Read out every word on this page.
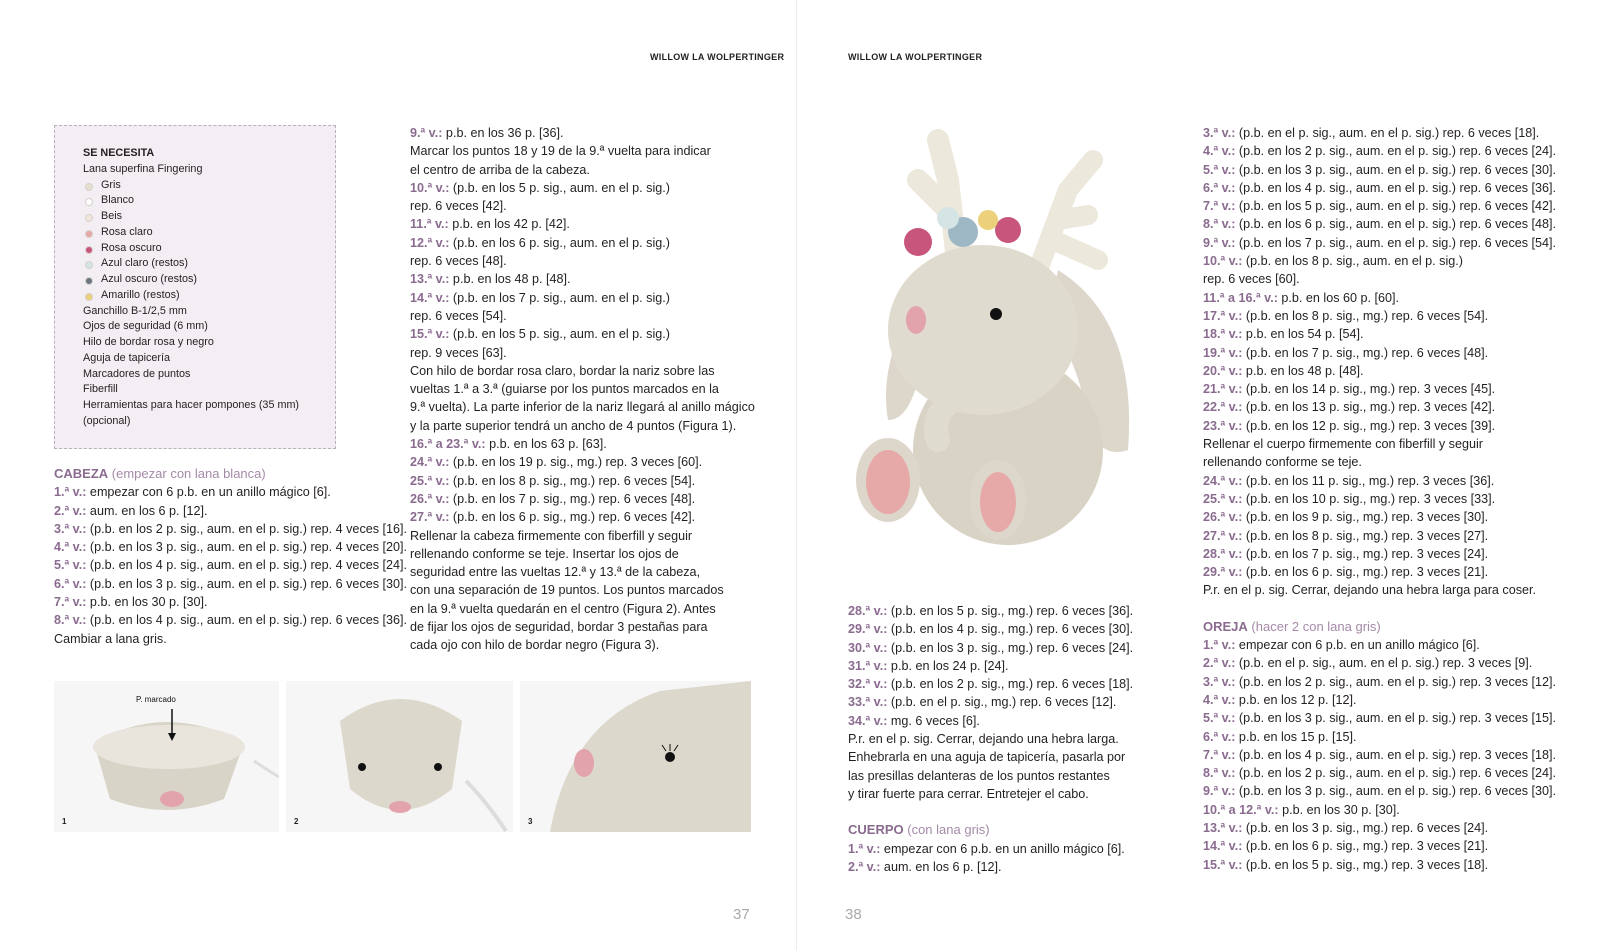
WILLOW LA WOLPERTINGER	WILLOW LA WOLPERTINGER
SE NECESITA
Lana superfina Fingering
Gris
Blanco
Beis
Rosa claro
Rosa oscuro
Azul claro (restos)
Azul oscuro (restos)
Amarillo (restos)
Ganchillo B-1/2,5 mm
Ojos de seguridad (6 mm)
Hilo de bordar rosa y negro
Aguja de tapicería
Marcadores de puntos
Fiberfill
Herramientas para hacer pompones (35 mm)
(opcional)
CABEZA (empezar con lana blanca)
1.ª v.: empezar con 6 p.b. en un anillo mágico [6].
2.ª v.: aum. en los 6 p. [12].
3.ª v.: (p.b. en los 2 p. sig., aum. en el p. sig.) rep. 4 veces [16].
4.ª v.: (p.b. en los 3 p. sig., aum. en el p. sig.) rep. 4 veces [20].
5.ª v.: (p.b. en los 4 p. sig., aum. en el p. sig.) rep. 4 veces [24].
6.ª v.: (p.b. en los 3 p. sig., aum. en el p. sig.) rep. 6 veces [30].
7.ª v.: p.b. en los 30 p. [30].
8.ª v.: (p.b. en los 4 p. sig., aum. en el p. sig.) rep. 6 veces [36].
Cambiar a lana gris.
9.ª v.: p.b. en los 36 p. [36].
Marcar los puntos 18 y 19 de la 9.ª vuelta para indicar
el centro de arriba de la cabeza.
10.ª v.: (p.b. en los 5 p. sig., aum. en el p. sig.)
rep. 6 veces [42].
11.ª v.: p.b. en los 42 p. [42].
12.ª v.: (p.b. en los 6 p. sig., aum. en el p. sig.)
rep. 6 veces [48].
13.ª v.: p.b. en los 48 p. [48].
14.ª v.: (p.b. en los 7 p. sig., aum. en el p. sig.)
rep. 6 veces [54].
15.ª v.: (p.b. en los 5 p. sig., aum. en el p. sig.)
rep. 9 veces [63].
Con hilo de bordar rosa claro, bordar la nariz sobre las
vueltas 1.ª a 3.ª (guiarse por los puntos marcados en la
9.ª vuelta). La parte inferior de la nariz llegará al anillo mágico
y la parte superior tendrá un ancho de 4 puntos (Figura 1).
16.ª a 23.ª v.: p.b. en los 63 p. [63].
24.ª v.: (p.b. en los 19 p. sig., mg.) rep. 3 veces [60].
25.ª v.: (p.b. en los 8 p. sig., mg.) rep. 6 veces [54].
26.ª v.: (p.b. en los 7 p. sig., mg.) rep. 6 veces [48].
27.ª v.: (p.b. en los 6 p. sig., mg.) rep. 6 veces [42].
Rellenar la cabeza firmemente con fiberfill y seguir
rellenando conforme se teje. Insertar los ojos de
seguridad entre las vueltas 12.ª y 13.ª de la cabeza,
con una separación de 19 puntos. Los puntos marcados
en la 9.ª vuelta quedarán en el centro (Figura 2). Antes
de fijar los ojos de seguridad, bordar 3 pestañas para
cada ojo con hilo de bordar negro (Figura 3).
P. marcado
1	2	3
37	38
28.ª v.: (p.b. en los 5 p. sig., mg.) rep. 6 veces [36].
29.ª v.: (p.b. en los 4 p. sig., mg.) rep. 6 veces [30].
30.ª v.: (p.b. en los 3 p. sig., mg.) rep. 6 veces [24].
31.ª v.: p.b. en los 24 p. [24].
32.ª v.: (p.b. en los 2 p. sig., mg.) rep. 6 veces [18].
33.ª v.: (p.b. en el p. sig., mg.) rep. 6 veces [12].
34.ª v.: mg. 6 veces [6].
P.r. en el p. sig. Cerrar, dejando una hebra larga.
Enhebrarla en una aguja de tapicería, pasarla por
las presillas delanteras de los puntos restantes
y tirar fuerte para cerrar. Entretejer el cabo.
CUERPO (con lana gris)
1.ª v.: empezar con 6 p.b. en un anillo mágico [6].
2.ª v.: aum. en los 6 p. [12].
3.ª v.: (p.b. en el p. sig., aum. en el p. sig.) rep. 6 veces [18].
4.ª v.: (p.b. en los 2 p. sig., aum. en el p. sig.) rep. 6 veces [24].
5.ª v.: (p.b. en los 3 p. sig., aum. en el p. sig.) rep. 6 veces [30].
6.ª v.: (p.b. en los 4 p. sig., aum. en el p. sig.) rep. 6 veces [36].
7.ª v.: (p.b. en los 5 p. sig., aum. en el p. sig.) rep. 6 veces [42].
8.ª v.: (p.b. en los 6 p. sig., aum. en el p. sig.) rep. 6 veces [48].
9.ª v.: (p.b. en los 7 p. sig., aum. en el p. sig.) rep. 6 veces [54].
10.ª v.: (p.b. en los 8 p. sig., aum. en el p. sig.)
rep. 6 veces [60].
11.ª a 16.ª v.: p.b. en los 60 p. [60].
17.ª v.: (p.b. en los 8 p. sig., mg.) rep. 6 veces [54].
18.ª v.: p.b. en los 54 p. [54].
19.ª v.: (p.b. en los 7 p. sig., mg.) rep. 6 veces [48].
20.ª v.: p.b. en los 48 p. [48].
21.ª v.: (p.b. en los 14 p. sig., mg.) rep. 3 veces [45].
22.ª v.: (p.b. en los 13 p. sig., mg.) rep. 3 veces [42].
23.ª v.: (p.b. en los 12 p. sig., mg.) rep. 3 veces [39].
Rellenar el cuerpo firmemente con fiberfill y seguir
rellenando conforme se teje.
24.ª v.: (p.b. en los 11 p. sig., mg.) rep. 3 veces [36].
25.ª v.: (p.b. en los 10 p. sig., mg.) rep. 3 veces [33].
26.ª v.: (p.b. en los 9 p. sig., mg.) rep. 3 veces [30].
27.ª v.: (p.b. en los 8 p. sig., mg.) rep. 3 veces [27].
28.ª v.: (p.b. en los 7 p. sig., mg.) rep. 3 veces [24].
29.ª v.: (p.b. en los 6 p. sig., mg.) rep. 3 veces [21].
P.r. en el p. sig. Cerrar, dejando una hebra larga para coser.
OREJA (hacer 2 con lana gris)
1.ª v.: empezar con 6 p.b. en un anillo mágico [6].
2.ª v.: (p.b. en el p. sig., aum. en el p. sig.) rep. 3 veces [9].
3.ª v.: (p.b. en los 2 p. sig., aum. en el p. sig.) rep. 3 veces [12].
4.ª v.: p.b. en los 12 p. [12].
5.ª v.: (p.b. en los 3 p. sig., aum. en el p. sig.) rep. 3 veces [15].
6.ª v.: p.b. en los 15 p. [15].
7.ª v.: (p.b. en los 4 p. sig., aum. en el p. sig.) rep. 3 veces [18].
8.ª v.: (p.b. en los 2 p. sig., aum. en el p. sig.) rep. 6 veces [24].
9.ª v.: (p.b. en los 3 p. sig., aum. en el p. sig.) rep. 6 veces [30].
10.ª a 12.ª v.: p.b. en los 30 p. [30].
13.ª v.: (p.b. en los 3 p. sig., mg.) rep. 6 veces [24].
14.ª v.: (p.b. en los 6 p. sig., mg.) rep. 3 veces [21].
15.ª v.: (p.b. en los 5 p. sig., mg.) rep. 3 veces [18].
